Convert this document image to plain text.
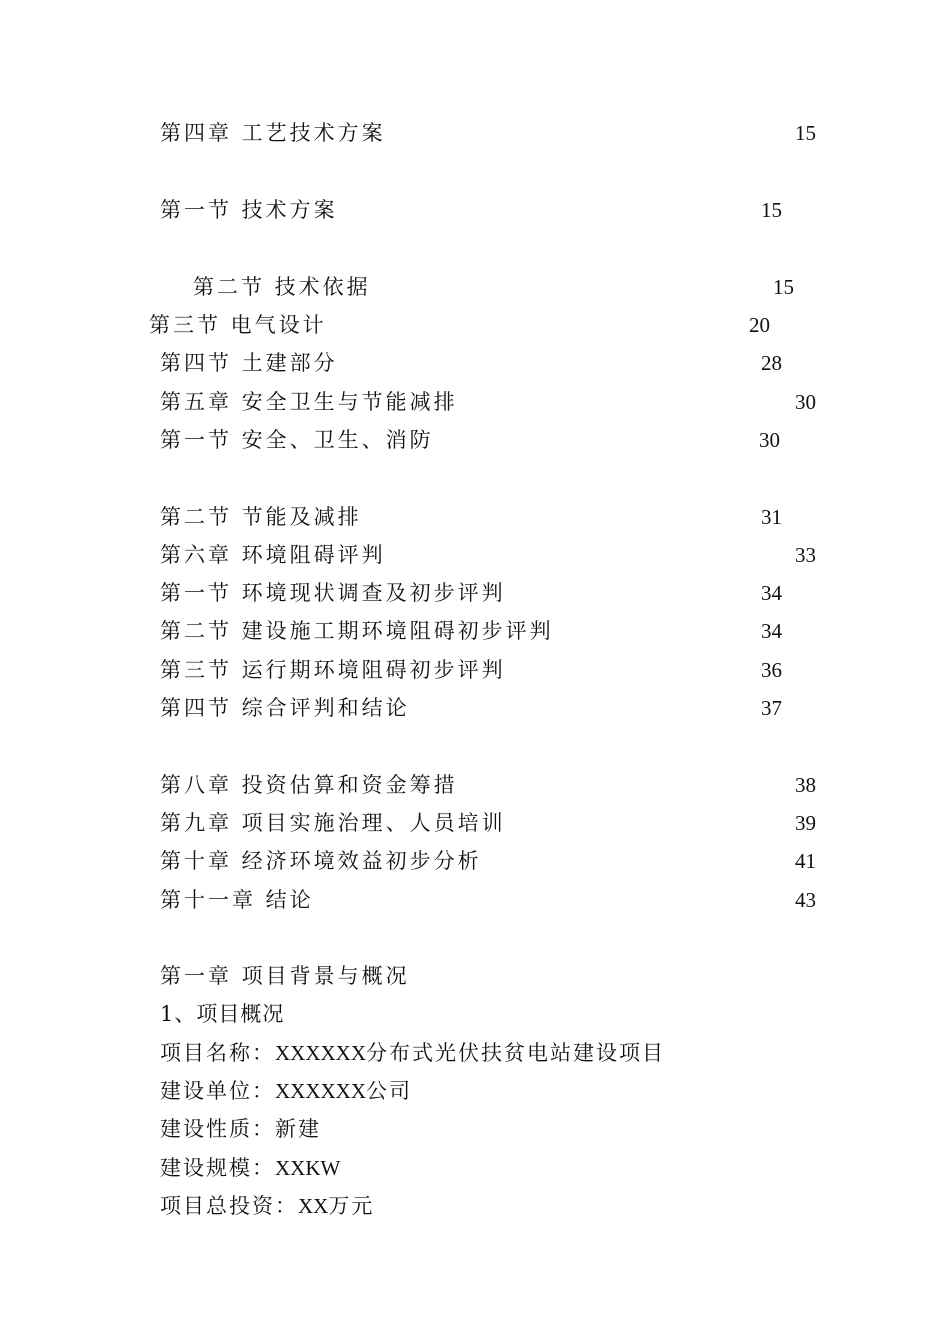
第四章 工艺技术方案	15
第一节 技术方案	15
第二节 技术依据	15
第三节 电气设计	20
第四节 土建部分	28
第五章 安全卫生与节能减排	30
第一节 安全、卫生、消防	30
第二节 节能及减排	31
第六章 环境阻碍评判	33
第一节 环境现状调查及初步评判	34
第二节 建设施工期环境阻碍初步评判	34
第三节 运行期环境阻碍初步评判	36
第四节 综合评判和结论	37
第八章 投资估算和资金筹措	38
第九章 项目实施治理、人员培训	39
第十章 经济环境效益初步分析	41
第十一章 结论	43
第一章 项目背景与概况
1、项目概况
项目名称：XXXXXX分布式光伏扶贫电站建设项目
建设单位：XXXXXX公司
建设性质：新建
建设规模：XXKW
项目总投资：XX万元
